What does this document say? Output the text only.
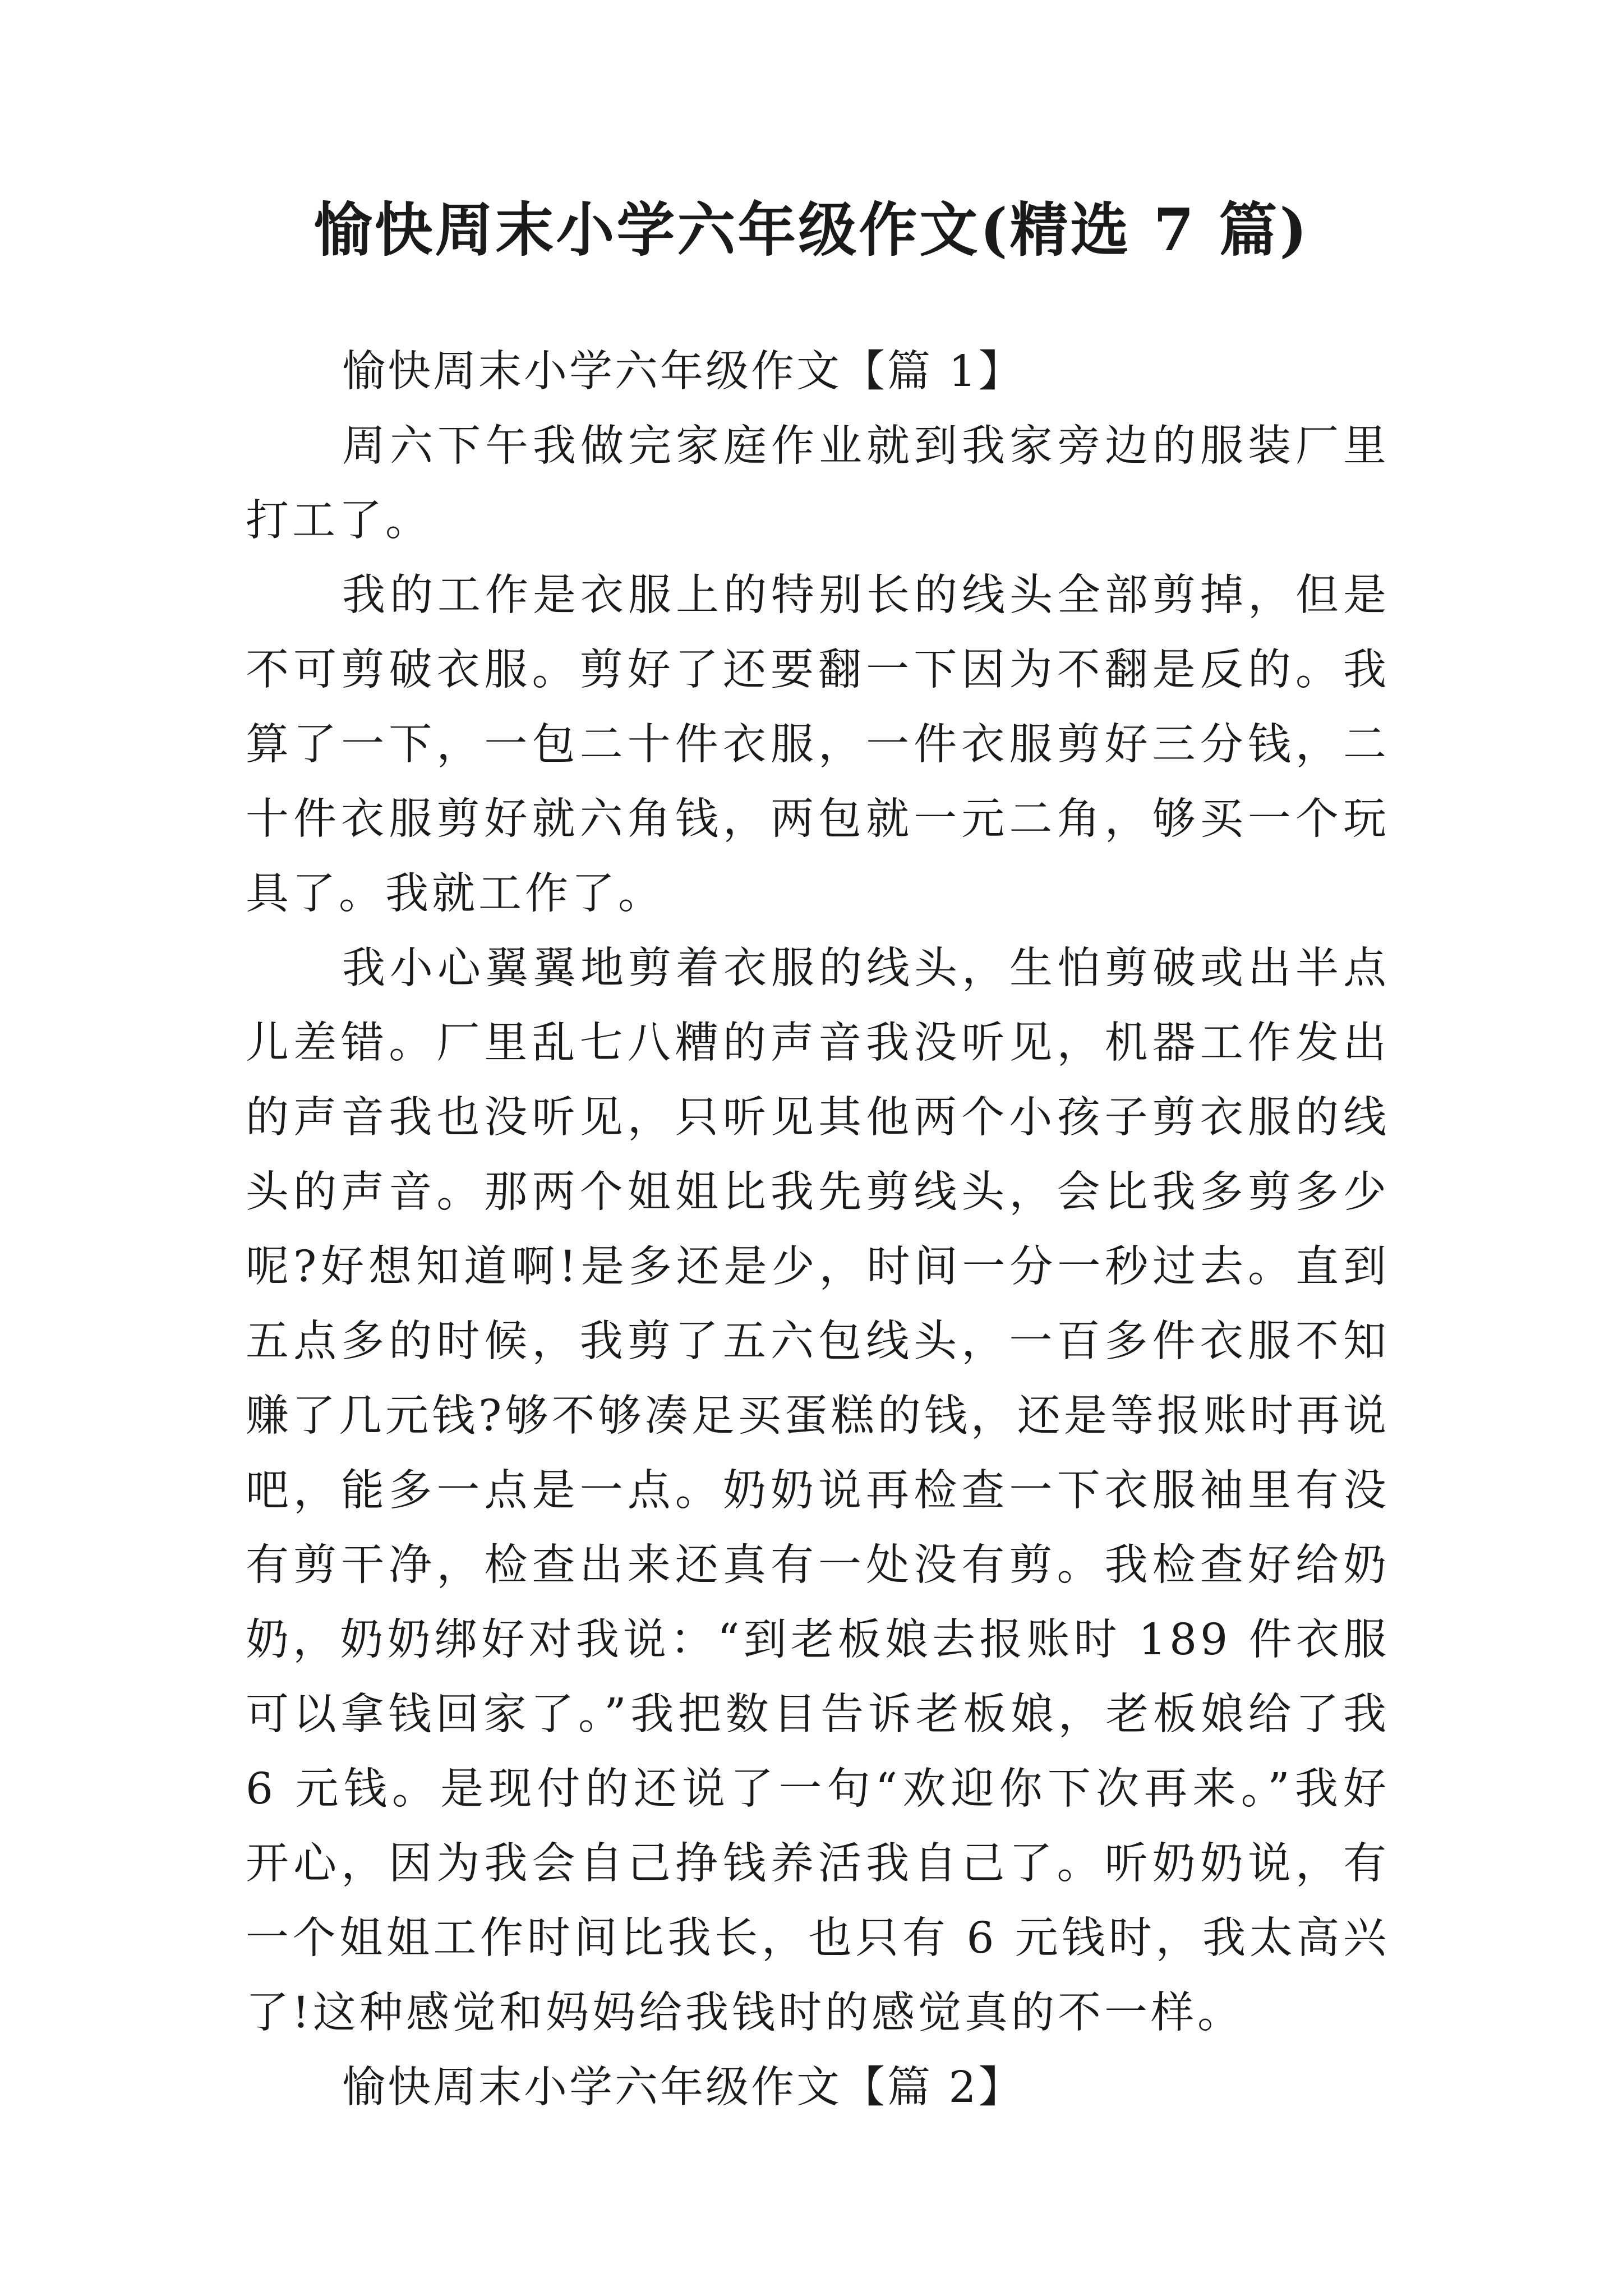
愉快周末小学六年级作文(精选 7 篇)

愉快周末小学六年级作文【篇 1】

周六下午我做完家庭作业就到我家旁边的服装厂里打工了。

我的工作是衣服上的特别长的线头全部剪掉，但是不可剪破衣服。剪好了还要翻一下因为不翻是反的。我算了一下，一包二十件衣服，一件衣服剪好三分钱，二十件衣服剪好就六角钱，两包就一元二角，够买一个玩具了。我就工作了。

我小心翼翼地剪着衣服的线头，生怕剪破或出半点儿差错。厂里乱七八糟的声音我没听见，机器工作发出的声音我也没听见，只听见其他两个小孩子剪衣服的线头的声音。那两个姐姐比我先剪线头，会比我多剪多少呢?好想知道啊!是多还是少，时间一分一秒过去。直到五点多的时候，我剪了五六包线头，一百多件衣服不知赚了几元钱?够不够凑足买蛋糕的钱，还是等报账时再说吧，能多一点是一点。奶奶说再检查一下衣服袖里有没有剪干净，检查出来还真有一处没有剪。我检查好给奶奶，奶奶绑好对我说：“到老板娘去报账时 189 件衣服可以拿钱回家了。”我把数目告诉老板娘，老板娘给了我 6 元钱。是现付的还说了一句“欢迎你下次再来。”我好开心，因为我会自己挣钱养活我自己了。听奶奶说，有一个姐姐工作时间比我长，也只有 6 元钱时，我太高兴了!这种感觉和妈妈给我钱时的感觉真的不一样。

愉快周末小学六年级作文【篇 2】
